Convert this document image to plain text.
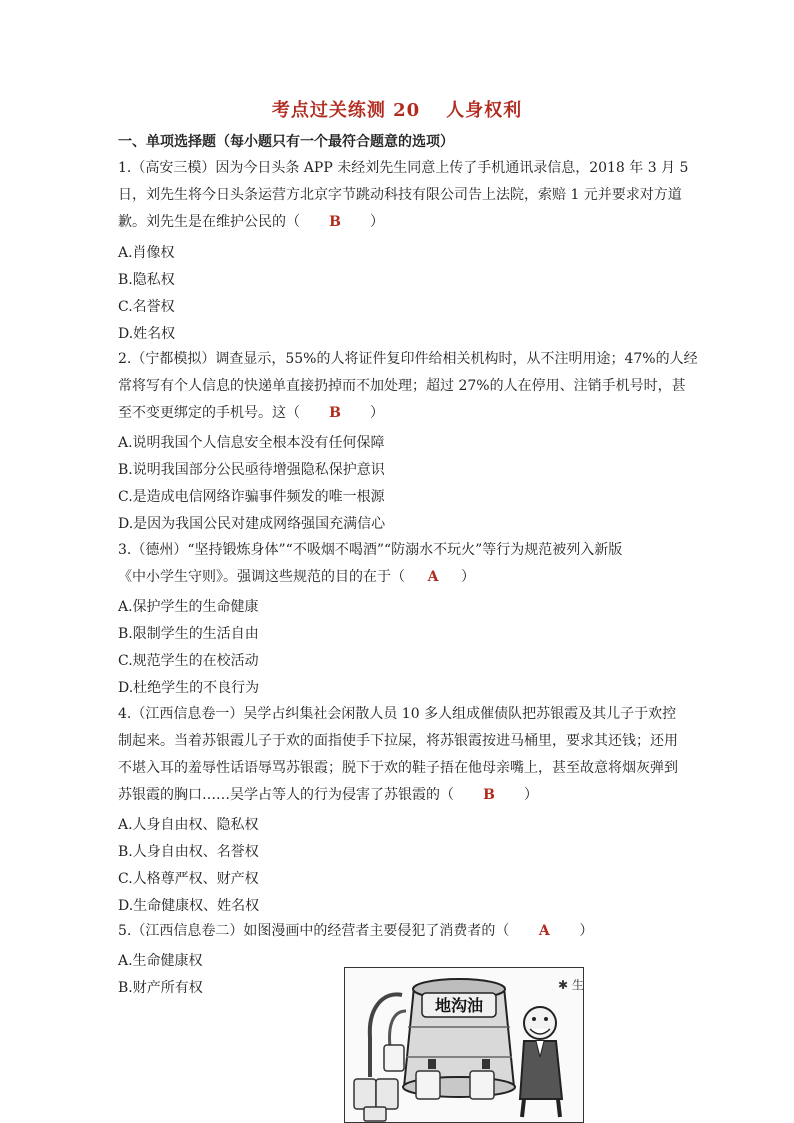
考点过关练测 20 人身权利
一、单项选择题（每小题只有一个最符合题意的选项）
1.（高安三模）因为今日头条 APP 未经刘先生同意上传了手机通讯录信息，2018 年 3 月 5
日，刘先生将今日头条运营方北京字节跳动科技有限公司告上法院，索赔 1 元并要求对方道
歉。刘先生是在维护公民的（ B ）
A.肖像权
B.隐私权
C.名誉权
D.姓名权
2.（宁都模拟）调查显示，55%的人将证件复印件给相关机构时，从不注明用途；47%的人经
常将写有个人信息的快递单直接扔掉而不加处理；超过 27%的人在停用、注销手机号时，甚
至不变更绑定的手机号。这（ B ）
A.说明我国个人信息安全根本没有任何保障
B.说明我国部分公民亟待增强隐私保护意识
C.是造成电信网络诈骗事件频发的唯一根源
D.是因为我国公民对建成网络强国充满信心
3.（德州）“坚持锻炼身体”“不吸烟不喝酒”“防溺水不玩火”等行为规范被列入新版
《中小学生守则》。强调这些规范的目的在于（ A ）
A.保护学生的生命健康
B.限制学生的生活自由
C.规范学生的在校活动
D.杜绝学生的不良行为
4.（江西信息卷一）吴学占纠集社会闲散人员 10 多人组成催债队把苏银霞及其儿子于欢控
制起来。当着苏银霞儿子于欢的面指使手下拉屎，将苏银霞按进马桶里，要求其还钱；还用
不堪入耳的羞辱性话语辱骂苏银霞；脱下于欢的鞋子捂在他母亲嘴上，甚至故意将烟灰弹到
苏银霞的胸口……吴学占等人的行为侵害了苏银霞的（ B ）
A.人身自由权、隐私权
B.人身自由权、名誉权
C.人格尊严权、财产权
D.生命健康权、姓名权
5.（江西信息卷二）如图漫画中的经营者主要侵犯了消费者的（ A ）
A.生命健康权
B.财产所有权
地沟油
✱ 生
